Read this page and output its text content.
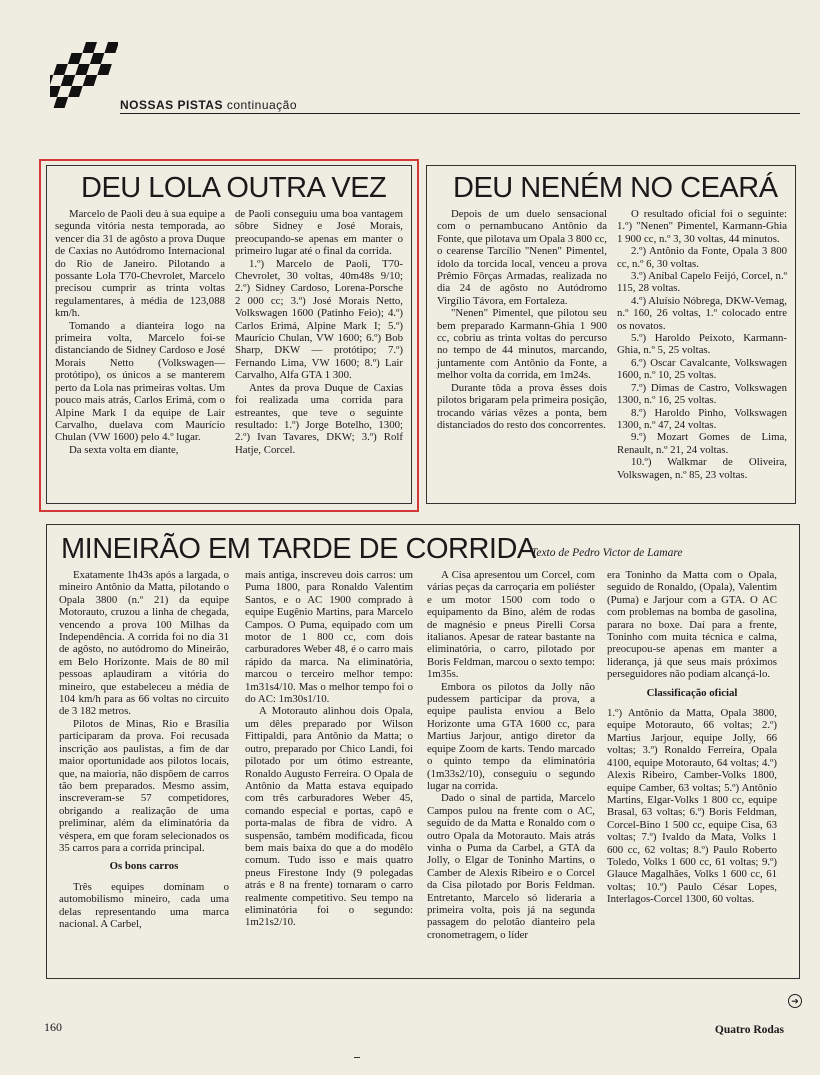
NOSSAS PISTAS continuação
DEU LOLA OUTRA VEZ

Marcelo de Paoli deu à sua equipe a segunda vitória nesta temporada, ao vencer dia 31 de agôsto a prova Duque de Caxias no Autódromo Internacional do Rio de Janeiro. Pilotando a possante Lola T70-Chevrolet, Marcelo precisou cumprir as trinta voltas regulamentares, à média de 123,088 km/h.

Tomando a dianteira logo na primeira volta, Marcelo foi-se distanciando de Sidney Cardoso e José Morais Netto (Volkswagen—protótipo), os únicos a se manterem perto da Lola nas primeiras voltas. Um pouco mais atrás, Carlos Erimá, com o Alpine Mark I da equipe de Lair Carvalho, duelava com Maurício Chulan (VW 1600) pelo 4.º lugar.

Da sexta volta em diante,

de Paoli conseguiu uma boa vantagem sôbre Sidney e José Morais, preocupando-se apenas em manter o primeiro lugar até o final da corrida.

1.º) Marcelo de Paoli, T70-Chevrolet, 30 voltas, 40m48s 9/10; 2.º) Sidney Cardoso, Lorena-Porsche 2 000 cc; 3.º) José Morais Netto, Volkswagen 1600 (Patinho Feio); 4.º) Carlos Erimá, Alpine Mark I; 5.º) Maurício Chulan, VW 1600; 6.º) Bob Sharp, DKW — protótipo; 7.º) Fernando Lima, VW 1600; 8.º) Lair Carvalho, Alfa GTA 1 300.

Antes da prova Duque de Caxias foi realizada uma corrida para estreantes, que teve o seguinte resultado: 1.º) Jorge Botelho, 1300; 2.º) Ivan Tavares, DKW; 3.º) Rolf Hatje, Corcel.

DEU NENÉM NO CEARÁ

Depois de um duelo sensacional com o pernambucano Antônio da Fonte, que pilotava um Opala 3 800 cc, o cearense Tarcílio "Nenen" Pimentel, ídolo da torcida local, venceu a prova Prêmio Fôrças Armadas, realizada no dia 24 de agôsto no Autódromo Virgílio Távora, em Fortaleza.

"Nenen" Pimentel, que pilotou seu bem preparado Karmann-Ghia 1 900 cc, cobriu as trinta voltas do percurso no tempo de 44 minutos, marcando, juntamente com Antônio da Fonte, a melhor volta da corrida, em 1m24s.

Durante tôda a prova êsses dois pilotos brigaram pela primeira posição, trocando várias vêzes a ponta, bem distanciados do resto dos concorrentes.

O resultado oficial foi o seguinte: 1.º) "Nenen" Pimentel, Karmann-Ghia 1 900 cc, n.º 3, 30 voltas, 44 minutos.

2.º) Antônio da Fonte, Opala 3 800 cc, n.º 6, 30 voltas.

3.º) Aníbal Capelo Feijó, Corcel, n.º 115, 28 voltas.

4.º) Aluísio Nóbrega, DKW-Vemag, n.º 160, 26 voltas, 1.º colocado entre os novatos.

5.º) Haroldo Peixoto, Karmann-Ghia, n.º 5, 25 voltas.

6.º) Oscar Cavalcante, Volkswagen 1600, n.º 10, 25 voltas.

7.º) Dimas de Castro, Volkswagen 1300, n.º 16, 25 voltas.

8.º) Haroldo Pinho, Volkswagen 1300, n.º 47, 24 voltas.

9.º) Mozart Gomes de Lima, Renault, n.º 21, 24 voltas.

10.º) Walkmar de Oliveira, Volkswagen, n.º 85, 23 voltas.

MINEIRÃO EM TARDE DE CORRIDA
Texto de Pedro Victor de Lamare

Exatamente 1h43s após a largada, o mineiro Antônio da Matta, pilotando o Opala 3800 (n.º 21) da equipe Motorauto, cruzou a linha de chegada, vencendo a prova 100 Milhas da Independência. A corrida foi no dia 31 de agôsto, no autódromo do Mineirão, em Belo Horizonte. Mais de 80 mil pessoas aplaudiram a vitória do mineiro, que estabeleceu a média de 104 km/h para as 66 voltas no circuito de 3 182 metros.

Pilotos de Minas, Rio e Brasília participaram da prova. Foi recusada inscrição aos paulistas, a fim de dar maior oportunidade aos pilotos locais, que, na maioria, não dispõem de carros tão bem preparados. Mesmo assim, inscreveram-se 57 competidores, obrigando a realização de uma preliminar, além da eliminatória da véspera, em que foram selecionados os 35 carros para a corrida principal.

Os bons carros

Três equipes dominam o automobilismo mineiro, cada uma delas representando uma marca nacional. A Carbel,

mais antiga, inscreveu dois carros: um Puma 1800, para Ronaldo Valentim Santos, e o AC 1900 comprado à equipe Eugênio Martins, para Marcelo Campos. O Puma, equipado com um motor de 1 800 cc, com dois carburadores Weber 48, é o carro mais rápido da marca. Na eliminatória, marcou o terceiro melhor tempo: 1m31s4/10. Mas o melhor tempo foi o do AC: 1m30s1/10.

A Motorauto alinhou dois Opala, um dêles preparado por Wilson Fittipaldi, para Antônio da Matta; o outro, preparado por Chico Landi, foi pilotado por um ótimo estreante, Ronaldo Augusto Ferreira. O Opala de Antônio da Matta estava equipado com três carburadores Weber 45, comando especial e portas, capô e porta-malas de fibra de vidro. A suspensão, também modificada, ficou bem mais baixa do que a do modêlo comum. Tudo isso e mais quatro pneus Firestone Indy (9 polegadas atrás e 8 na frente) tornaram o carro realmente competitivo. Seu tempo na eliminatória foi o segundo: 1m21s2/10.

A Cisa apresentou um Corcel, com várias peças da carroçaria em poliéster e um motor 1500 com todo o equipamento da Bino, além de rodas de magnésio e pneus Pirelli Corsa italianos. Apesar de ratear bastante na eliminatória, o carro, pilotado por Boris Feldman, marcou o sexto tempo: 1m35s.

Embora os pilotos da Jolly não pudessem participar da prova, a equipe paulista enviou a Belo Horizonte uma GTA 1600 cc, para Martius Jarjour, antigo diretor da equipe Zoom de karts. Tendo marcado o quinto tempo da eliminatória (1m33s2/10), conseguiu o segundo lugar na corrida.

Dado o sinal de partida, Marcelo Campos pulou na frente com o AC, seguido de da Matta e Ronaldo com o outro Opala da Motorauto. Mais atrás vinha o Puma da Carbel, a GTA da Jolly, o Elgar de Toninho Martins, o Camber de Alexis Ribeiro e o Corcel da Cisa pilotado por Boris Feldman. Entretanto, Marcelo só lideraria a primeira volta, pois já na segunda passagem do pelotão dianteiro pela cronometragem, o líder

era Toninho da Matta com o Opala, seguido de Ronaldo, (Opala), Valentim (Puma) e Jarjour com a GTA. O AC com problemas na bomba de gasolina, parara no boxe. Daí para a frente, Toninho com muita técnica e calma, preocupou-se apenas em manter a liderança, já que seus mais próximos perseguidores não podiam alcançá-lo.

Classificação oficial

1.º) Antônio da Matta, Opala 3800, equipe Motorauto, 66 voltas; 2.º) Martius Jarjour, equipe Jolly, 66 voltas; 3.º) Ronaldo Ferreira, Opala 4100, equipe Motorauto, 64 voltas; 4.º) Alexis Ribeiro, Camber-Volks 1800, equipe Camber, 63 voltas; 5.º) Antônio Martins, Elgar-Volks 1 800 cc, equipe Brasal, 63 voltas; 6.º) Boris Feldman, Corcel-Bino 1 500 cc, equipe Cisa, 63 voltas; 7.º) Ivaldo da Mata, Volks 1 600 cc, 62 voltas; 8.º) Paulo Roberto Toledo, Volks 1 600 cc, 61 voltas; 9.º) Glauce Magalhães, Volks 1 600 cc, 61 voltas; 10.º) Paulo César Lopes, Interlagos-Corcel 1300, 60 voltas.

➔
160	Quatro Rodas
